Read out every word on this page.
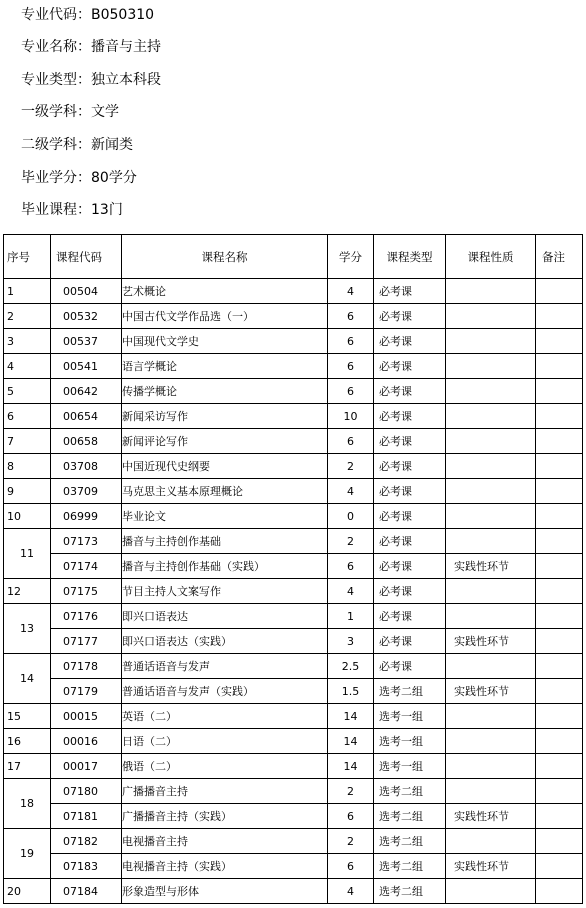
专业代码：B050310
专业名称：播音与主持
专业类型：独立本科段
一级学科：文学
二级学科：新闻类
毕业学分：80学分
毕业课程：13门
序号	课程代码	课程名称	学分	课程类型	课程性质	备注
1	00504	艺术概论	4	必考课		
2	00532	中国古代文学作品选（一）	6	必考课		
3	00537	中国现代文学史	6	必考课		
4	00541	语言学概论	6	必考课		
5	00642	传播学概论	6	必考课		
6	00654	新闻采访写作	10	必考课		
7	00658	新闻评论写作	6	必考课		
8	03708	中国近现代史纲要	2	必考课		
9	03709	马克思主义基本原理概论	4	必考课		
10	06999	毕业论文	0	必考课		
11	07173	播音与主持创作基础	2	必考课		
	07174	播音与主持创作基础（实践）	6	必考课	实践性环节	
12	07175	节目主持人文案写作	4	必考课		
13	07176	即兴口语表达	1	必考课		
	07177	即兴口语表达（实践）	3	必考课	实践性环节	
14	07178	普通话语音与发声	2.5	必考课		
	07179	普通话语音与发声（实践）	1.5	选考二组	实践性环节	
15	00015	英语（二）	14	选考一组		
16	00016	日语（二）	14	选考一组		
17	00017	俄语（二）	14	选考一组		
18	07180	广播播音主持	2	选考二组		
	07181	广播播音主持（实践）	6	选考二组	实践性环节	
19	07182	电视播音主持	2	选考二组		
	07183	电视播音主持（实践）	6	选考二组	实践性环节	
20	07184	形象造型与形体	4	选考二组		
